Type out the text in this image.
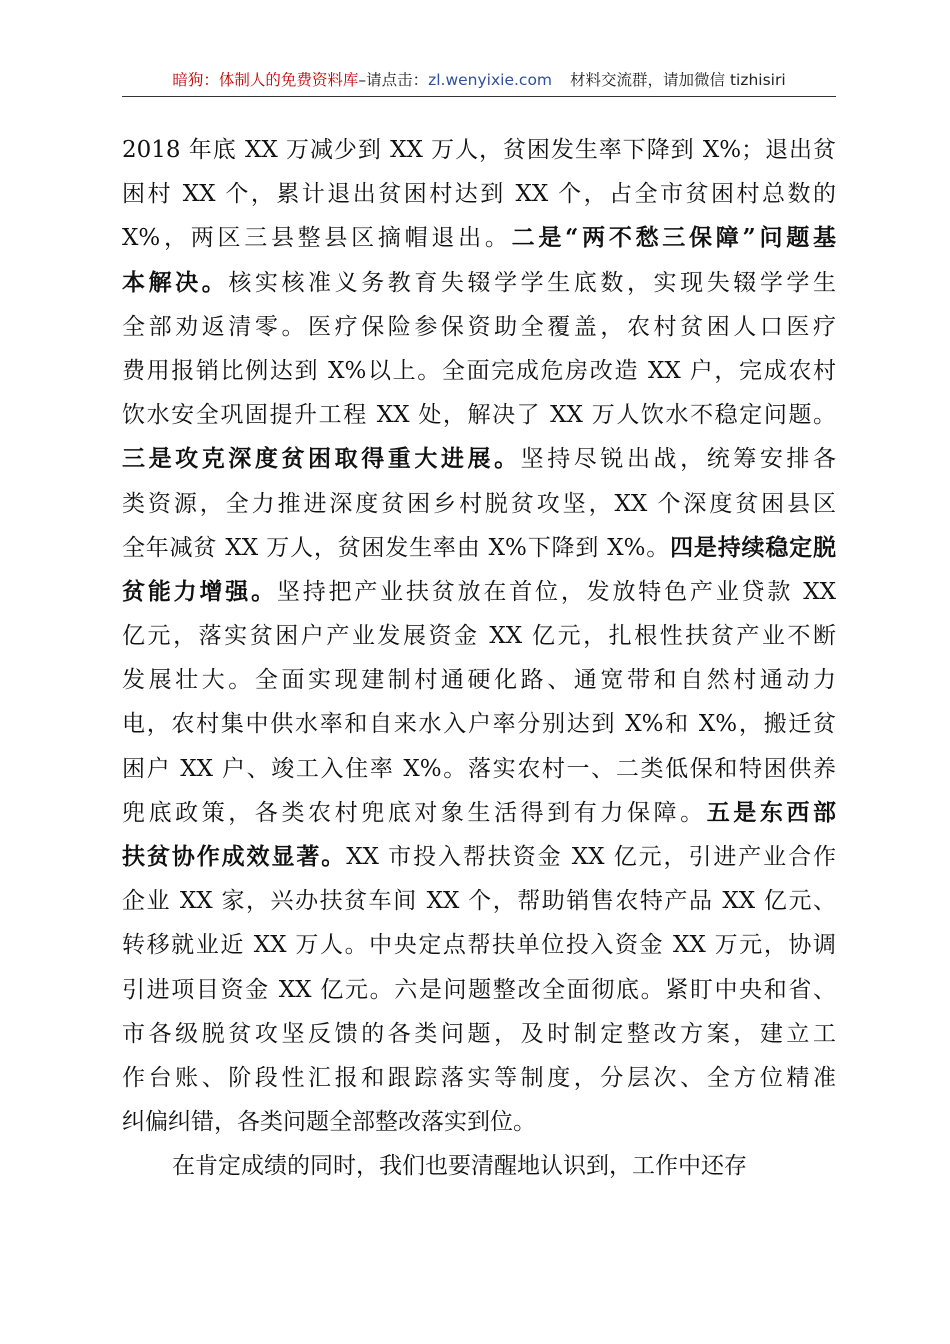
暗狗：体制人的免费资料库–请点击：zl.wenyixie.com 材料交流群，请加微信 tizhisiri
2018 年底 XX 万减少到 XX 万人，贫困发生率下降到 X%；退出贫
困村 XX 个，累计退出贫困村达到 XX 个，占全市贫困村总数的
X%，两区三县整县区摘帽退出。二是“两不愁三保障”问题基
本解决。核实核准义务教育失辍学学生底数，实现失辍学学生
全部劝返清零。医疗保险参保资助全覆盖，农村贫困人口医疗
费用报销比例达到 X%以上。全面完成危房改造 XX 户，完成农村
饮水安全巩固提升工程 XX 处，解决了 XX 万人饮水不稳定问题。
三是攻克深度贫困取得重大进展。坚持尽锐出战，统筹安排各
类资源，全力推进深度贫困乡村脱贫攻坚，XX 个深度贫困县区
全年减贫 XX 万人，贫困发生率由 X%下降到 X%。四是持续稳定脱
贫能力增强。坚持把产业扶贫放在首位，发放特色产业贷款 XX
亿元，落实贫困户产业发展资金 XX 亿元，扎根性扶贫产业不断
发展壮大。全面实现建制村通硬化路、通宽带和自然村通动力
电，农村集中供水率和自来水入户率分别达到 X%和 X%，搬迁贫
困户 XX 户、竣工入住率 X%。落实农村一、二类低保和特困供养
兜底政策，各类农村兜底对象生活得到有力保障。五是东西部
扶贫协作成效显著。XX 市投入帮扶资金 XX 亿元，引进产业合作
企业 XX 家，兴办扶贫车间 XX 个，帮助销售农特产品 XX 亿元、
转移就业近 XX 万人。中央定点帮扶单位投入资金 XX 万元，协调
引进项目资金 XX 亿元。六是问题整改全面彻底。紧盯中央和省、
市各级脱贫攻坚反馈的各类问题，及时制定整改方案，建立工
作台账、阶段性汇报和跟踪落实等制度，分层次、全方位精准
纠偏纠错，各类问题全部整改落实到位。
在肯定成绩的同时，我们也要清醒地认识到，工作中还存
